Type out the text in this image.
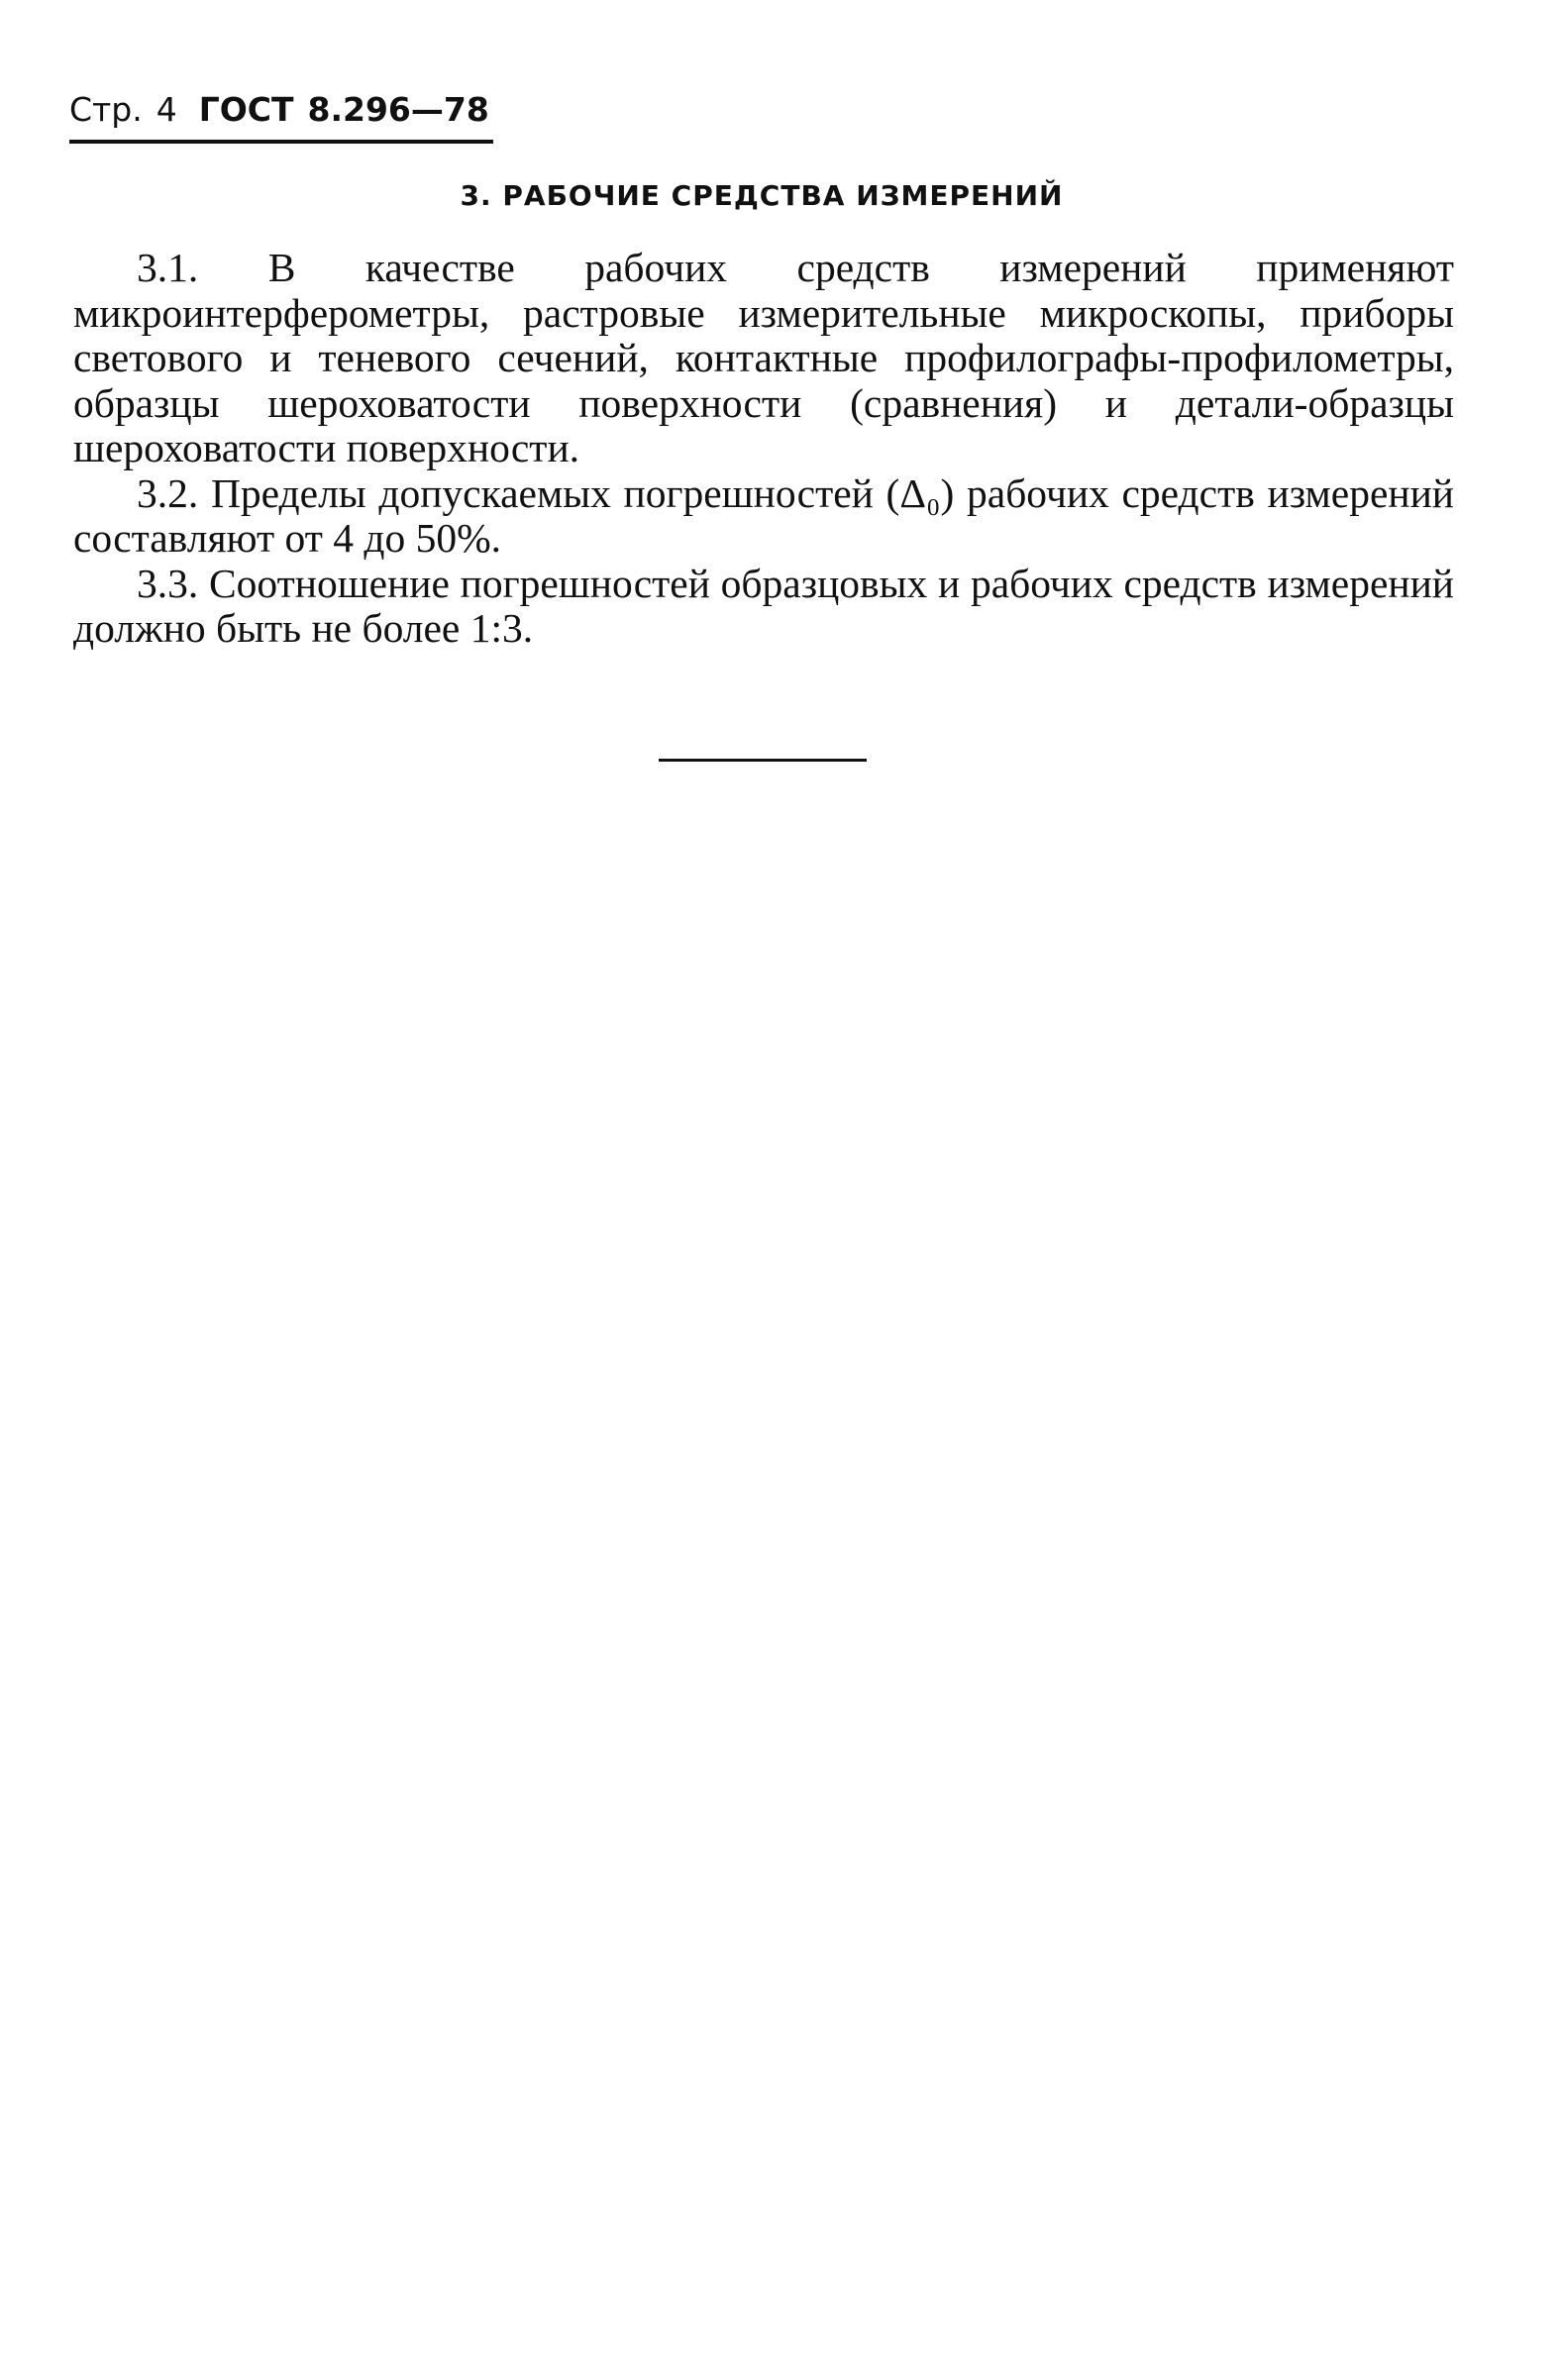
Стр. 4 ГОСТ 8.296—78
3. РАБОЧИЕ СРЕДСТВА ИЗМЕРЕНИЙ

3.1. В качестве рабочих средств измерений применяют микроинтерферометры, растровые измерительные микроскопы, приборы светового и теневого сечений, контактные профилографы-профилометры, образцы шероховатости поверхности (сравнения) и детали-образцы шероховатости поверхности.

3.2. Пределы допускаемых погрешностей (Δ₀) рабочих средств измерений составляют от 4 до 50%.

3.3. Соотношение погрешностей образцовых и рабочих средств измерений должно быть не более 1:3.
